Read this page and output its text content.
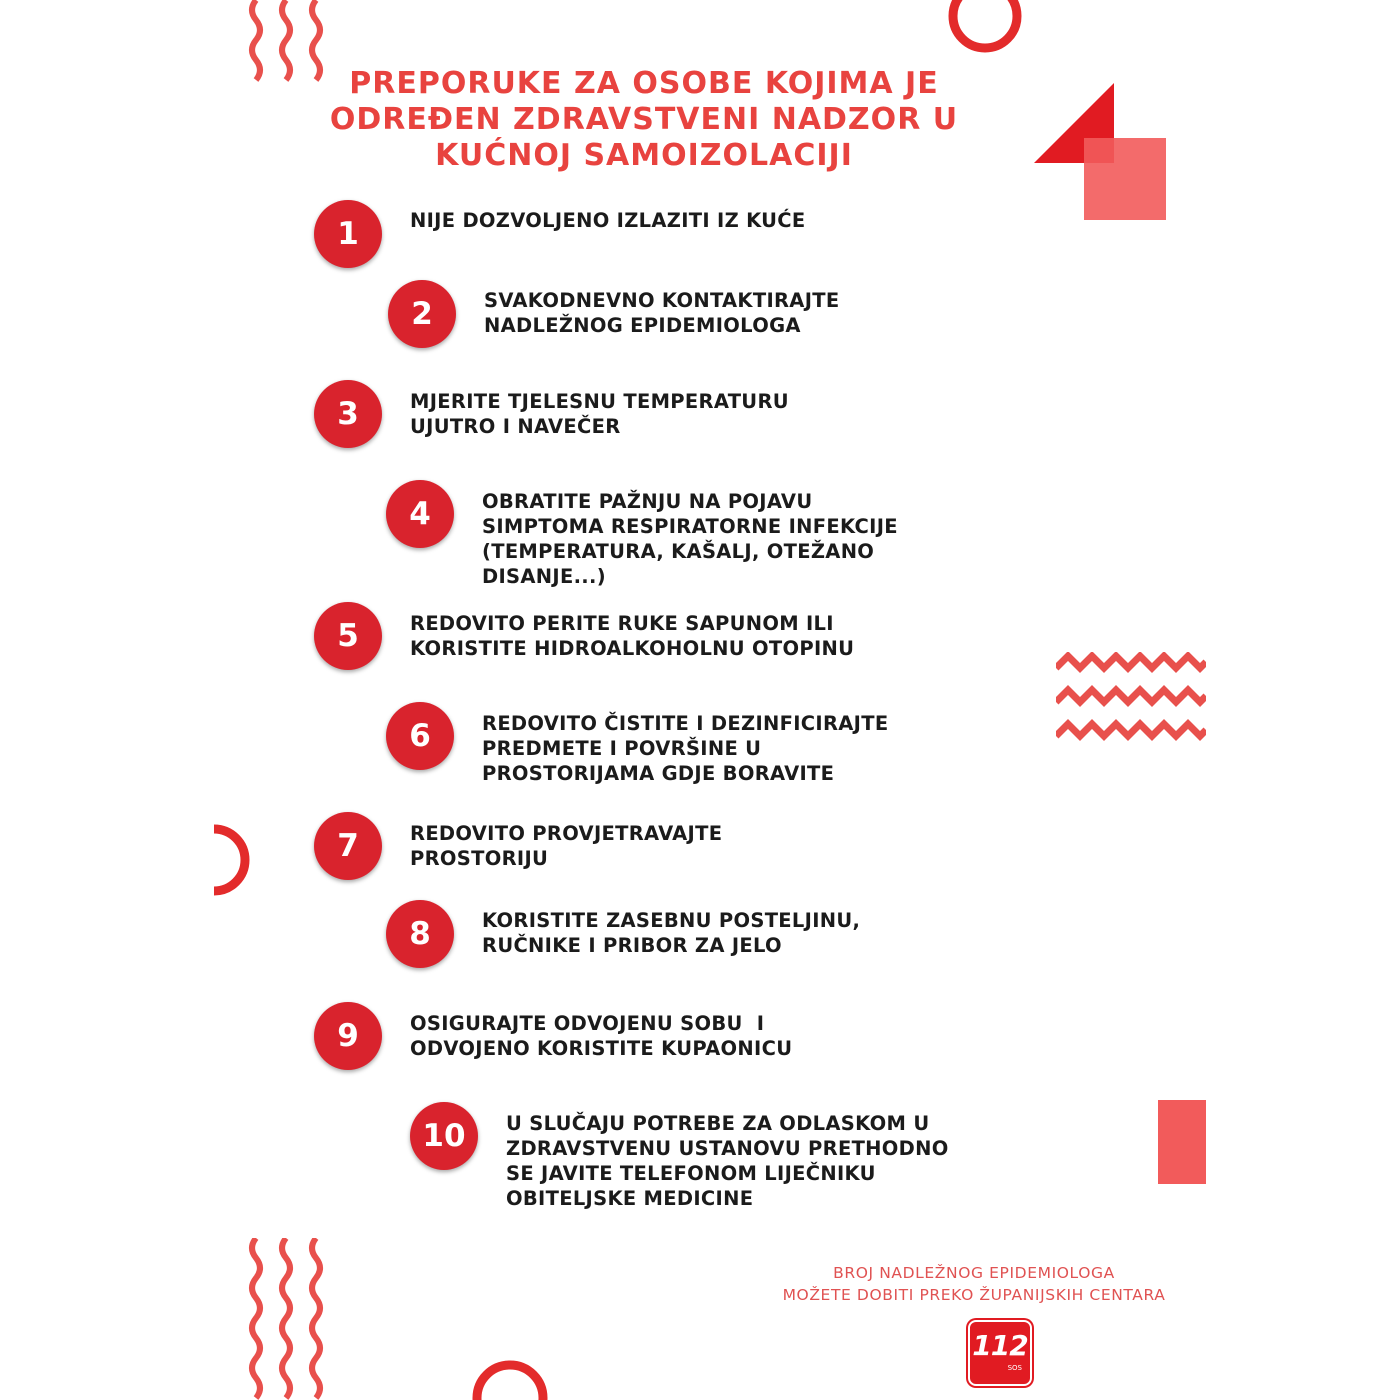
PREPORUKE ZA OSOBE KOJIMA JE
ODREĐEN ZDRAVSTVENI NADZOR U
KUĆNOJ SAMOIZOLACIJI
1	NIJE DOZVOLJENO IZLAZITI IZ KUĆE
2	SVAKODNEVNO KONTAKTIRAJTE
NADLEŽNOG EPIDEMIOLOGA
3	MJERITE TJELESNU TEMPERATURU
UJUTRO I NAVEČER
4	OBRATITE PAŽNJU NA POJAVU
SIMPTOMA RESPIRATORNE INFEKCIJE
(TEMPERATURA, KAŠALJ, OTEŽANO
DISANJE...)
5	REDOVITO PERITE RUKE SAPUNOM ILI
KORISTITE HIDROALKOHOLNU OTOPINU
6	REDOVITO ČISTITE I DEZINFICIRAJTE
PREDMETE I POVRŠINE U
PROSTORIJAMA GDJE BORAVITE
7	REDOVITO PROVJETRAVAJTE
PROSTORIJU
8	KORISTITE ZASEBNU POSTELJINU,
RUČNIKE I PRIBOR ZA JELO
9	OSIGURAJTE ODVOJENU SOBU  I
ODVOJENO KORISTITE KUPAONICU
10	U SLUČAJU POTREBE ZA ODLASKOM U
ZDRAVSTVENU USTANOVU PRETHODNO
SE JAVITE TELEFONOM LIJEČNIKU
OBITELJSKE MEDICINE
BROJ NADLEŽNOG EPIDEMIOLOGA
MOŽETE DOBITI PREKO ŽUPANIJSKIH CENTARA
112
SOS
